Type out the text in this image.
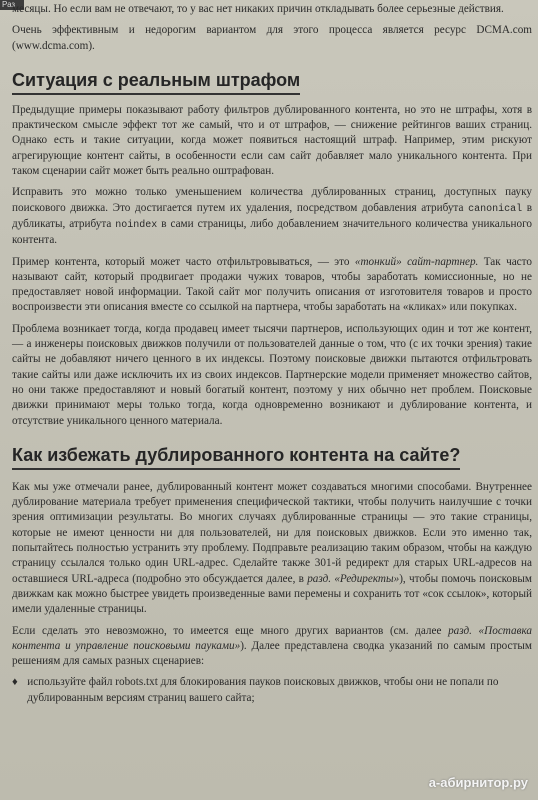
Раз

месяцы. Но если вам не отвечают, то у вас нет никаких причин откладывать более серьезные действия.

Очень эффективным и недорогим вариантом для этого процесса является ресурс DCMA.com (www.dcma.com).

Ситуация с реальным штрафом

Предыдущие примеры показывают работу фильтров дублированного контента, но это не штрафы, хотя в практическом смысле эффект тот же самый, что и от штрафов, — снижение рейтингов ваших страниц. Однако есть и такие ситуации, когда может появиться настоящий штраф. Например, этим рискуют агрегирующие контент сайты, в особенности если сам сайт добавляет мало уникального контента. При таком сценарии сайт может быть реально оштрафован.

Исправить это можно только уменьшением количества дублированных страниц, доступных пауку поискового движка. Это достигается путем их удаления, посредством добавления атрибута canonical в дубликаты, атрибута noindex в сами страницы, либо добавлением значительного количества уникального контента.

Пример контента, который может часто отфильтровываться, — это «тонкий» сайт-партнер. Так часто называют сайт, который продвигает продажи чужих товаров, чтобы заработать комиссионные, но не предоставляет новой информации. Такой сайт мог получить описания от изготовителя товаров и просто воспроизвести эти описания вместе со ссылкой на партнера, чтобы заработать на «кликах» или покупках.

Проблема возникает тогда, когда продавец имеет тысячи партнеров, использующих один и тот же контент, — а инженеры поисковых движков получили от пользователей данные о том, что (с их точки зрения) такие сайты не добавляют ничего ценного в их индексы. Поэтому поисковые движки пытаются отфильтровать такие сайты или даже исключить их из своих индексов. Партнерские модели применяет множество сайтов, но они также предоставляют и новый богатый контент, поэтому у них обычно нет проблем. Поисковые движки принимают меры только тогда, когда одновременно возникают и дублирование контента, и отсутствие уникального ценного материала.

Как избежать дублированного контента на сайте?

Как мы уже отмечали ранее, дублированный контент может создаваться многими способами. Внутреннее дублирование материала требует применения специфической тактики, чтобы получить наилучшие с точки зрения оптимизации результаты. Во многих случаях дублированные страницы — это такие страницы, которые не имеют ценности ни для пользователей, ни для поисковых движков. Если это именно так, попытайтесь полностью устранить эту проблему. Подправьте реализацию таким образом, чтобы на каждую страницу ссылался только один URL-адрес. Сделайте также 301-й редирект для старых URL-адресов на оставшиеся URL-адреса (подробно это обсуждается далее, в разд. «Редиректы»), чтобы помочь поисковым движкам как можно быстрее увидеть произведенные вами перемены и сохранить тот «сок ссылок», который имели удаленные страницы.

Если сделать это невозможно, то имеется еще много других вариантов (см. далее разд. «Поставка контента и управление поисковыми пауками»). Далее представлена сводка указаний по самым простым решениям для самых разных сценариев:

♦ используйте файл robots.txt для блокирования пауков поисковых движков, чтобы они не попали по дублированным версиям страниц вашего сайта;
а-абирнитор.ру
